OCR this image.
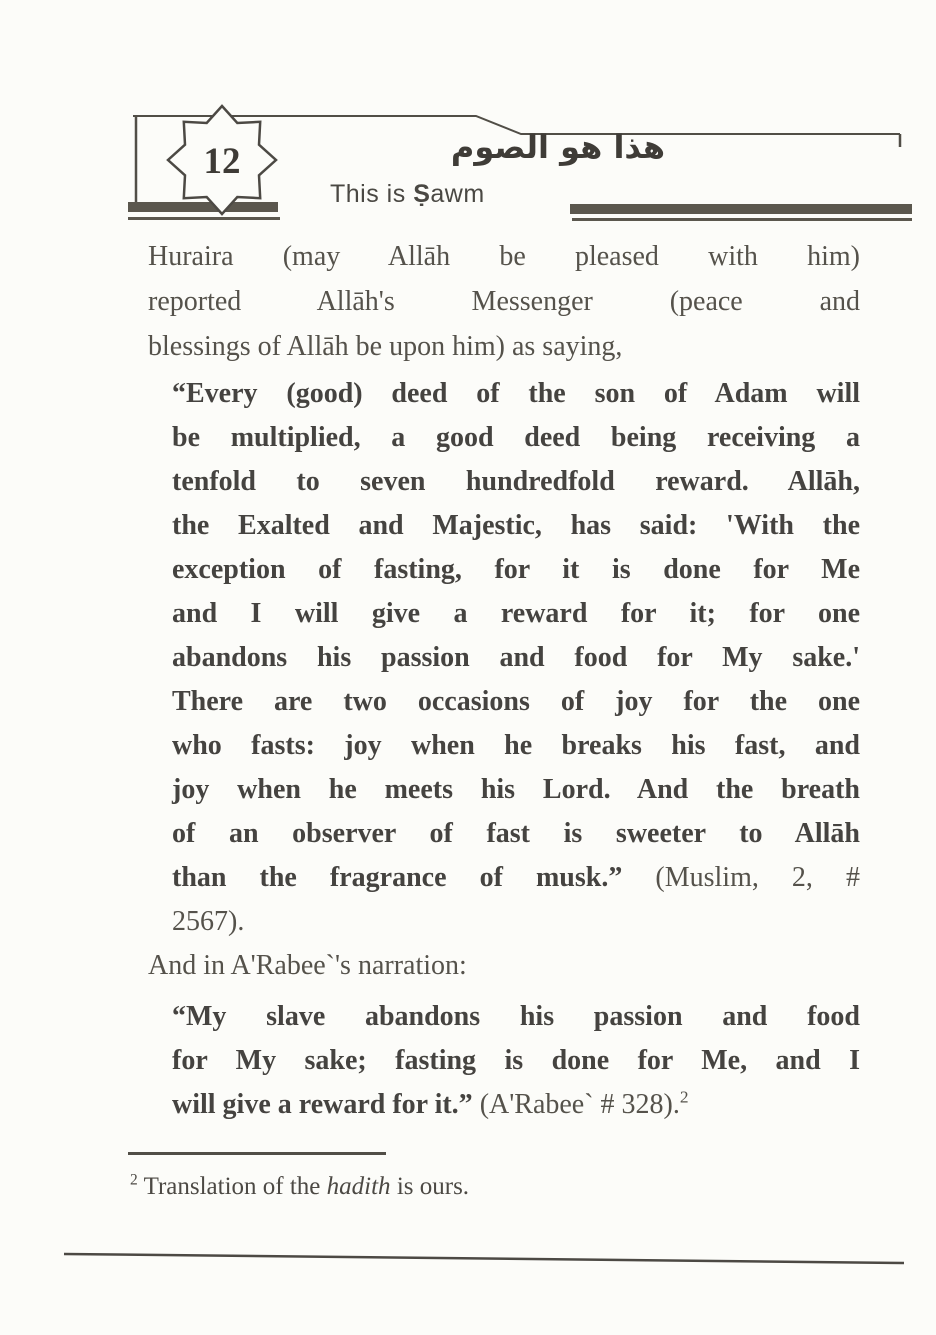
12	هذا هو الصوم
This is Ṣawm
Huraira (may Allāh be pleased with him)
reported Allāh's Messenger (peace and
blessings of Allāh be upon him) as saying,
“Every (good) deed of the son of Adam will
be multiplied, a good deed being receiving a
tenfold to seven hundredfold reward. Allāh,
the Exalted and Majestic, has said: 'With the
exception of fasting, for it is done for Me
and I will give a reward for it; for one
abandons his passion and food for My sake.'
There are two occasions of joy for the one
who fasts: joy when he breaks his fast, and
joy when he meets his Lord. And the breath
of an observer of fast is sweeter to Allāh
than the fragrance of musk.” (Muslim, 2, #
2567).
And in A'Rabee`'s narration:
“My slave abandons his passion and food
for My sake; fasting is done for Me, and I
will give a reward for it.” (A'Rabee` # 328).$^2$
$^2$ Translation of the hadith is ours.
